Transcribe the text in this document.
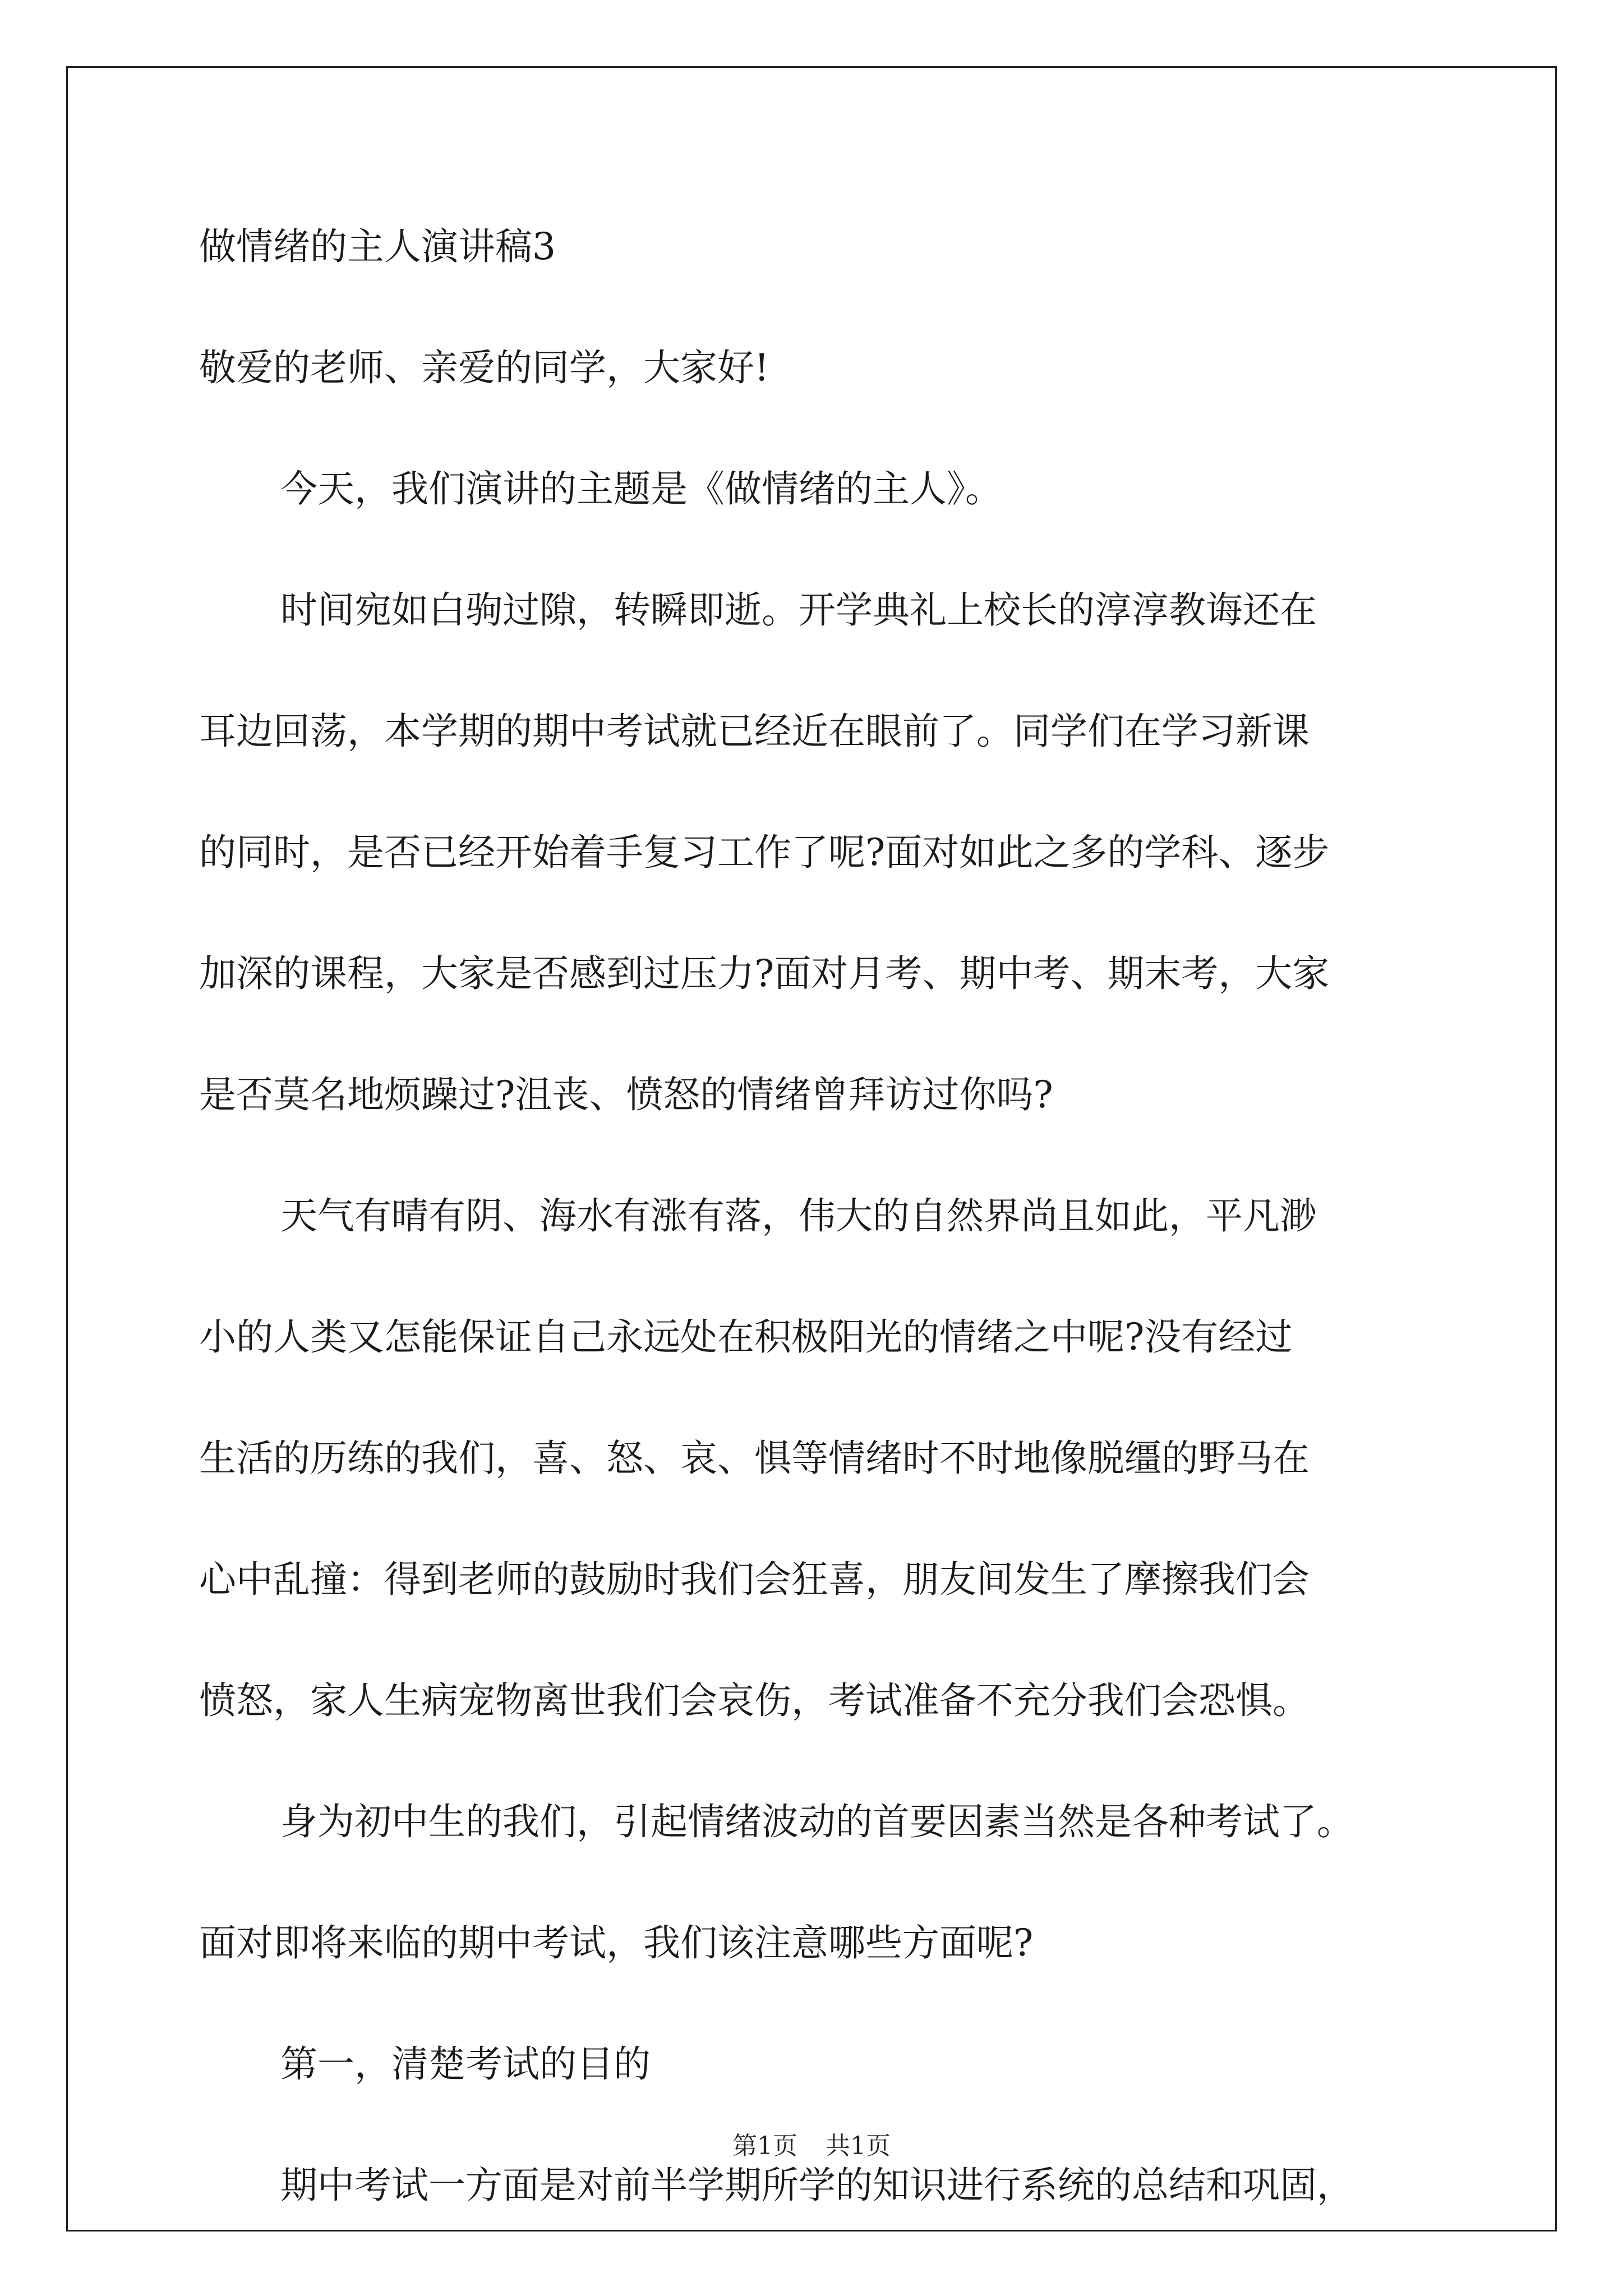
做情绪的主人演讲稿3
敬爱的老师、亲爱的同学，大家好!
今天，我们演讲的主题是《做情绪的主人》。
时间宛如白驹过隙，转瞬即逝。开学典礼上校长的淳淳教诲还在
耳边回荡，本学期的期中考试就已经近在眼前了。同学们在学习新课
的同时，是否已经开始着手复习工作了呢?面对如此之多的学科、逐步
加深的课程，大家是否感到过压力?面对月考、期中考、期末考，大家
是否莫名地烦躁过?沮丧、愤怒的情绪曾拜访过你吗?
天气有晴有阴、海水有涨有落，伟大的自然界尚且如此，平凡渺
小的人类又怎能保证自己永远处在积极阳光的情绪之中呢?没有经过
生活的历练的我们，喜、怒、哀、惧等情绪时不时地像脱缰的野马在
心中乱撞：得到老师的鼓励时我们会狂喜，朋友间发生了摩擦我们会
愤怒，家人生病宠物离世我们会哀伤，考试准备不充分我们会恐惧。
身为初中生的我们，引起情绪波动的首要因素当然是各种考试了。
面对即将来临的期中考试，我们该注意哪些方面呢?
第一，清楚考试的目的
期中考试一方面是对前半学期所学的知识进行系统的总结和巩固，
第1页 共1页
